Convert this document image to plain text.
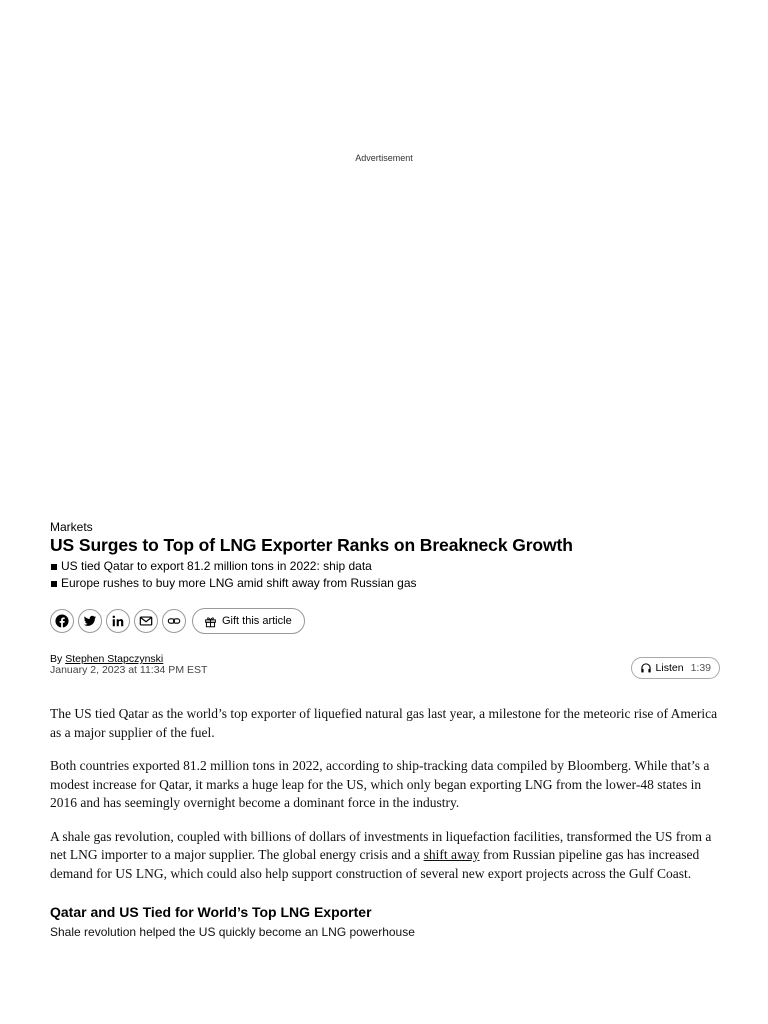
Advertisement

Markets

US Surges to Top of LNG Exporter Ranks on Breakneck Growth
US tied Qatar to export 81.2 million tons in 2022: ship data
Europe rushes to buy more LNG amid shift away from Russian gas
Gift this article
By Stephen Stapczynski
January 2, 2023 at 11:34 PM EST	Listen 1:39

The US tied Qatar as the world’s top exporter of liquefied natural gas last year, a milestone for the meteoric rise of America as a major supplier of the fuel.

Both countries exported 81.2 million tons in 2022, according to ship-tracking data compiled by Bloomberg. While that’s a modest increase for Qatar, it marks a huge leap for the US, which only began exporting LNG from the lower-48 states in 2016 and has seemingly overnight become a dominant force in the industry.

A shale gas revolution, coupled with billions of dollars of investments in liquefaction facilities, transformed the US from a net LNG importer to a major supplier. The global energy crisis and a shift away from Russian pipeline gas has increased demand for US LNG, which could also help support construction of several new export projects across the Gulf Coast.

Qatar and US Tied for World’s Top LNG Exporter

Shale revolution helped the US quickly become an LNG powerhouse
